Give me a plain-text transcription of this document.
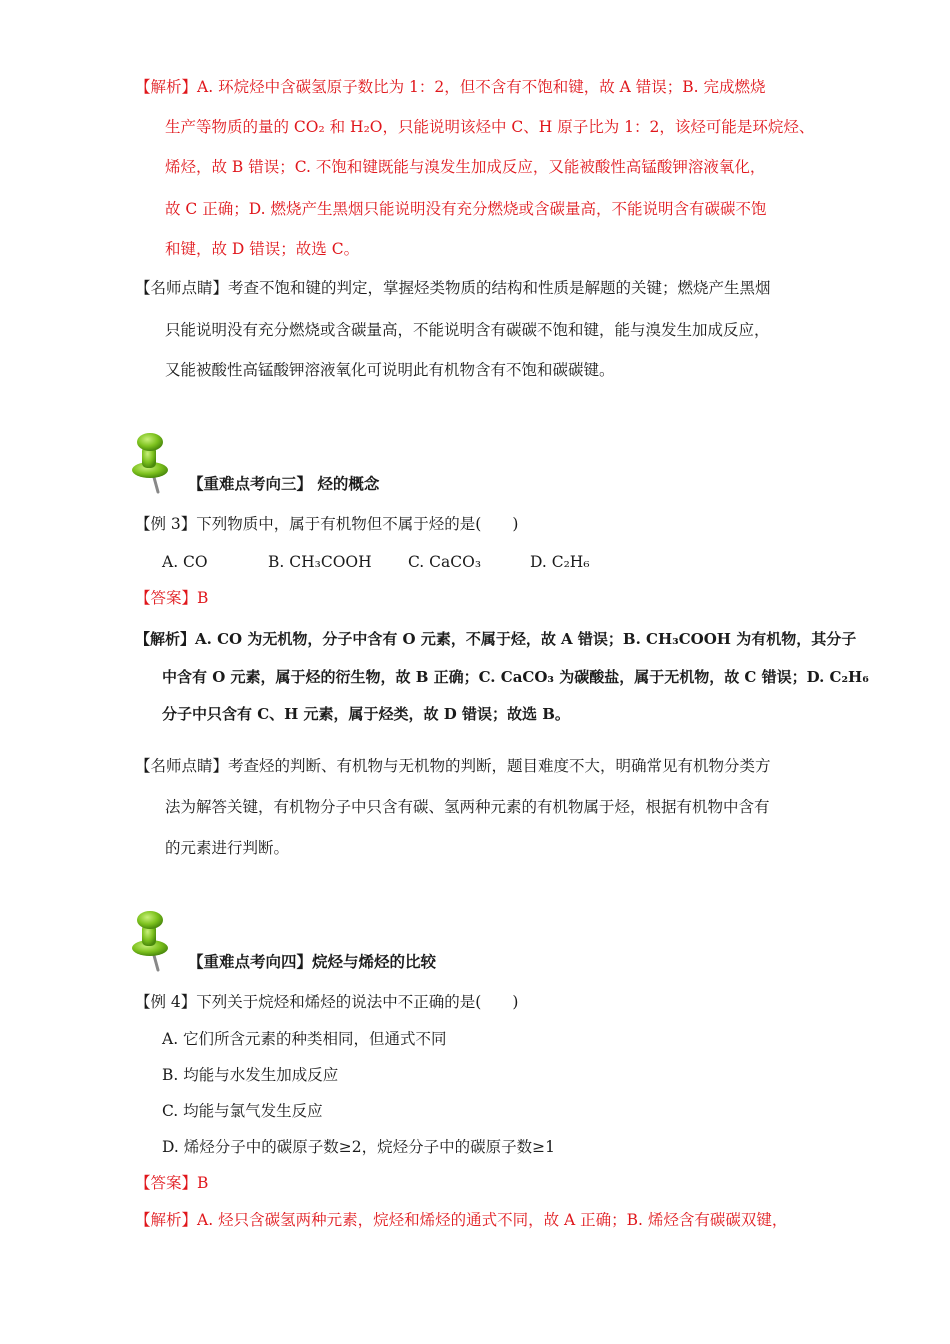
【解析】A. 环烷烃中含碳氢原子数比为 1：2，但不含有不饱和键，故 A 错误；B. 完成燃烧
生产等物质的量的 CO₂ 和 H₂O，只能说明该烃中 C、H 原子比为 1：2，该烃可能是环烷烃、
烯烃，故 B 错误；C. 不饱和键既能与溴发生加成反应，又能被酸性高锰酸钾溶液氧化，
故 C 正确；D. 燃烧产生黑烟只能说明没有充分燃烧或含碳量高，不能说明含有碳碳不饱
和键，故 D 错误；故选 C。
【名师点睛】考查不饱和键的判定，掌握烃类物质的结构和性质是解题的关键；燃烧产生黑烟
只能说明没有充分燃烧或含碳量高，不能说明含有碳碳不饱和键，能与溴发生加成反应，
又能被酸性高锰酸钾溶液氧化可说明此有机物含有不饱和碳碳键。
【重难点考向三】 烃的概念
【例 3】下列物质中，属于有机物但不属于烃的是(　　)
A. CO	B. CH₃COOH C. CaCO₃	D. C₂H₆
【答案】B
【解析】A. CO 为无机物，分子中含有 O 元素，不属于烃，故 A 错误；B. CH₃COOH 为有机物，其分子
中含有 O 元素，属于烃的衍生物，故 B 正确；C. CaCO₃ 为碳酸盐，属于无机物，故 C 错误；D. C₂H₆
分子中只含有 C、H 元素，属于烃类，故 D 错误；故选 B。
【名师点睛】考查烃的判断、有机物与无机物的判断，题目难度不大，明确常见有机物分类方
法为解答关键，有机物分子中只含有碳、氢两种元素的有机物属于烃，根据有机物中含有
的元素进行判断。
【重难点考向四】烷烃与烯烃的比较
【例 4】下列关于烷烃和烯烃的说法中不正确的是(　　)
A. 它们所含元素的种类相同，但通式不同
B. 均能与水发生加成反应
C. 均能与氯气发生反应
D. 烯烃分子中的碳原子数≥2，烷烃分子中的碳原子数≥1
【答案】B
【解析】A. 烃只含碳氢两种元素，烷烃和烯烃的通式不同，故 A 正确；B. 烯烃含有碳碳双键，
